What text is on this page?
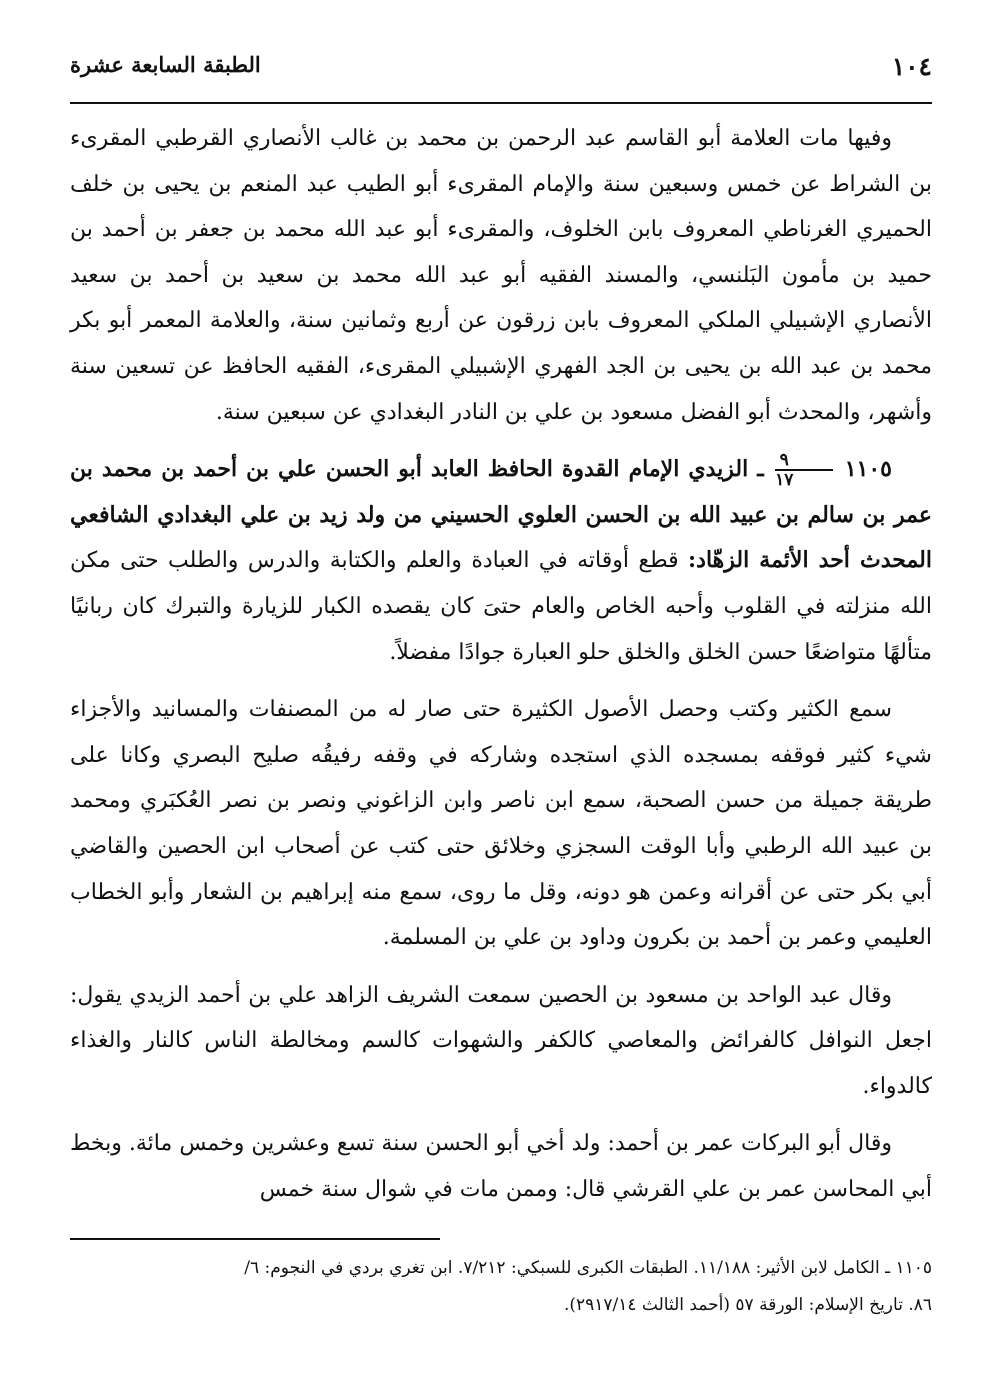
١٠٤
الطبقة السابعة عشرة

وفيها مات العلامة أبو القاسم عبد الرحمن بن محمد بن غالب الأنصاري القرطبي المقرىء بن الشراط عن خمس وسبعين سنة والإمام المقرىء أبو الطيب عبد المنعم بن يحيى بن خلف الحميري الغرناطي المعروف بابن الخلوف، والمقرىء أبو عبد الله محمد بن جعفر بن أحمد بن حميد بن مأمون البَلنسي، والمسند الفقيه أبو عبد الله محمد بن سعيد بن أحمد بن سعيد الأنصاري الإشبيلي الملكي المعروف بابن زرقون عن أربع وثمانين سنة، والعلامة المعمر أبو بكر محمد بن عبد الله بن يحيى بن الجد الفهري الإشبيلي المقرىء، الفقيه الحافظ عن تسعين سنة وأشهر، والمحدث أبو الفضل مسعود بن علي بن النادر البغدادي عن سبعين سنة.

١١٠٥
$\frac{٩}{١٧}$
ـ الزيدي الإمام القدوة الحافظ العابد أبو الحسن علي بن أحمد بن محمد بن عمر بن سالم بن عبيد الله بن الحسن العلوي الحسيني من ولد زيد بن علي البغدادي الشافعي المحدث أحد الأئمة الزهّاد: قطع أوقاته في العبادة والعلم والكتابة والدرس والطلب حتى مكن الله منزلته في القلوب وأحبه الخاص والعام حتىَ كان يقصده الكبار للزيارة والتبرك كان ربانيًا متألهًا متواضعًا حسن الخلق والخلق حلو العبارة جوادًا مفضلاً.

سمع الكثير وكتب وحصل الأصول الكثيرة حتى صار له من المصنفات والمسانيد والأجزاء شيء كثير فوقفه بمسجده الذي استجده وشاركه في وقفه رفيقُه صليح البصري وكانا على طريقة جميلة من حسن الصحبة، سمع ابن ناصر وابن الزاغوني ونصر بن نصر العُكبَري ومحمد بن عبيد الله الرطبي وأبا الوقت السجزي وخلائق حتى كتب عن أصحاب ابن الحصين والقاضي أبي بكر حتى عن أقرانه وعمن هو دونه، وقل ما روى، سمع منه إبراهيم بن الشعار وأبو الخطاب العليمي وعمر بن أحمد بن بكرون وداود بن علي بن المسلمة.

وقال عبد الواحد بن مسعود بن الحصين سمعت الشريف الزاهد علي بن أحمد الزيدي يقول: اجعل النوافل كالفرائض والمعاصي كالكفر والشهوات كالسم ومخالطة الناس كالنار والغذاء كالدواء.

وقال أبو البركات عمر بن أحمد: ولد أخي أبو الحسن سنة تسع وعشرين وخمس مائة. وبخط أبي المحاسن عمر بن علي القرشي قال: وممن مات في شوال سنة خمس

١١٠٥ ـ الكامل لابن الأثير: ١١/١٨٨. الطبقات الكبرى للسبكي: ٧/٢١٢. ابن تغري بردي في النجوم: ٦/

٨٦. تاريخ الإسلام: الورقة ٥٧ (أحمد الثالث ٢٩١٧/١٤).
